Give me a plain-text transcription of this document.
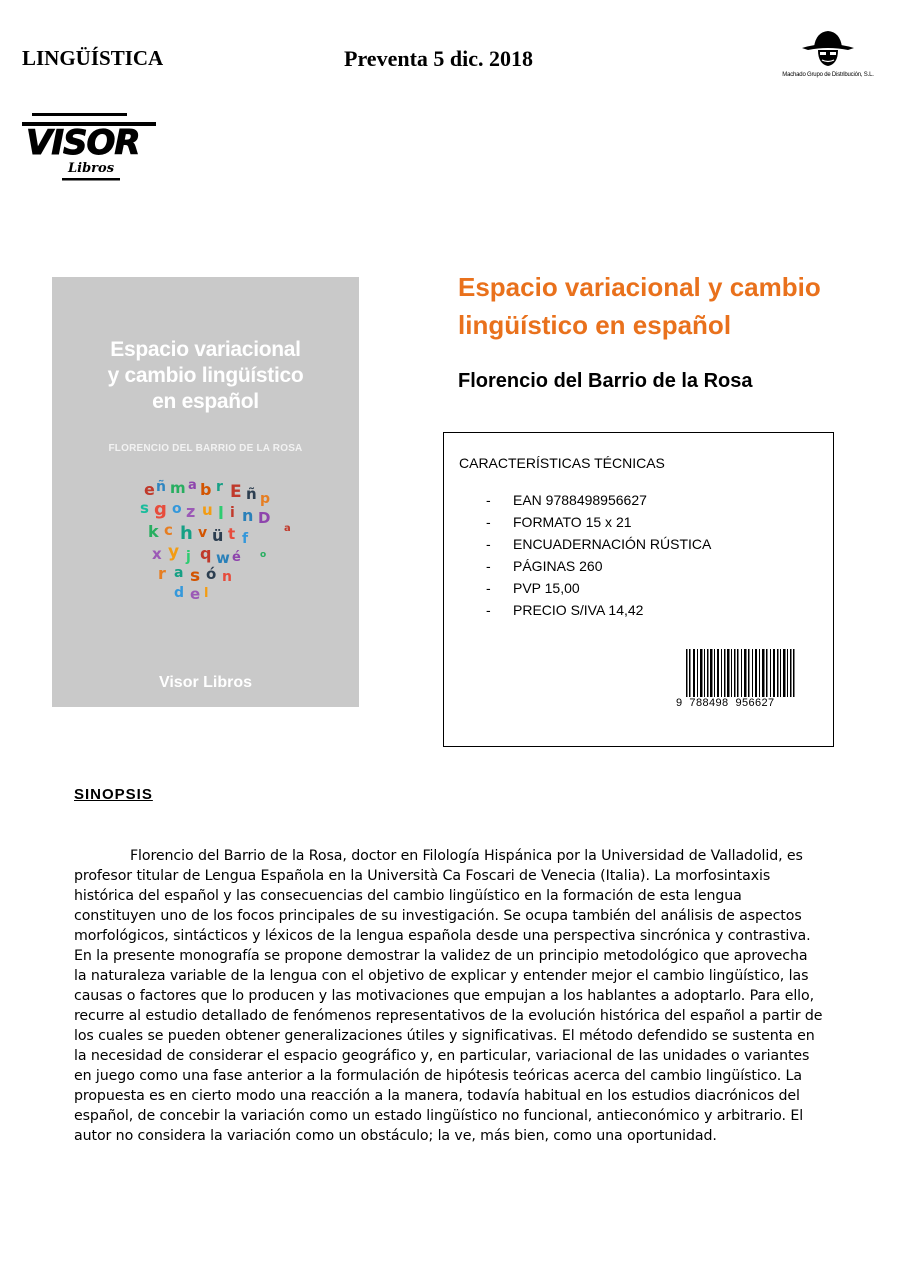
LINGÜÍSTICA	Preventa 5 dic. 2018
Machado Grupo de Distribución, S.L.
VISOR
Libros
Espacio variacional
y cambio lingüístico
en español
FLORENCIO DEL BARRIO DE LA ROSA
e ñ m a b r E ñ p
s g o z u l i n D
k c h v ü t f
a
x y j q w é o
r a s ó n
d e l
Visor Libros
Espacio variacional y cambio lingüístico en español
Florencio del Barrio de la Rosa
CARACTERÍSTICAS TÉCNICAS
- EAN 9788498956627
- FORMATO 15 x 21
- ENCUADERNACIÓN RÚSTICA
- PÁGINAS 260
- PVP 15,00
- PRECIO S/IVA 14,42
9  788498  956627
SINOPSIS

Florencio del Barrio de la Rosa, doctor en Filología Hispánica por la Universidad de Valladolid, es profesor titular de Lengua Española en la Università Ca Foscari de Venecia (Italia). La morfosintaxis histórica del español y las consecuencias del cambio lingüístico en la formación de esta lengua constituyen uno de los focos principales de su investigación. Se ocupa también del análisis de aspectos morfológicos, sintácticos y léxicos de la lengua española desde una perspectiva sincrónica y contrastiva.

En la presente monografía se propone demostrar la validez de un principio metodológico que aprovecha la naturaleza variable de la lengua con el objetivo de explicar y entender mejor el cambio lingüístico, las causas o factores que lo producen y las motivaciones que empujan a los hablantes a adoptarlo. Para ello, recurre al estudio detallado de fenómenos representativos de la evolución histórica del español a partir de los cuales se pueden obtener generalizaciones útiles y significativas. El método defendido se sustenta en la necesidad de considerar el espacio geográfico y, en particular, variacional de las unidades o variantes en juego como una fase anterior a la formulación de hipótesis teóricas acerca del cambio lingüístico. La propuesta es en cierto modo una reacción a la manera, todavía habitual en los estudios diacrónicos del español, de concebir la variación como un estado lingüístico no funcional, antieconómico y arbitrario. El autor no considera la variación como un obstáculo; la ve, más bien, como una oportunidad.
